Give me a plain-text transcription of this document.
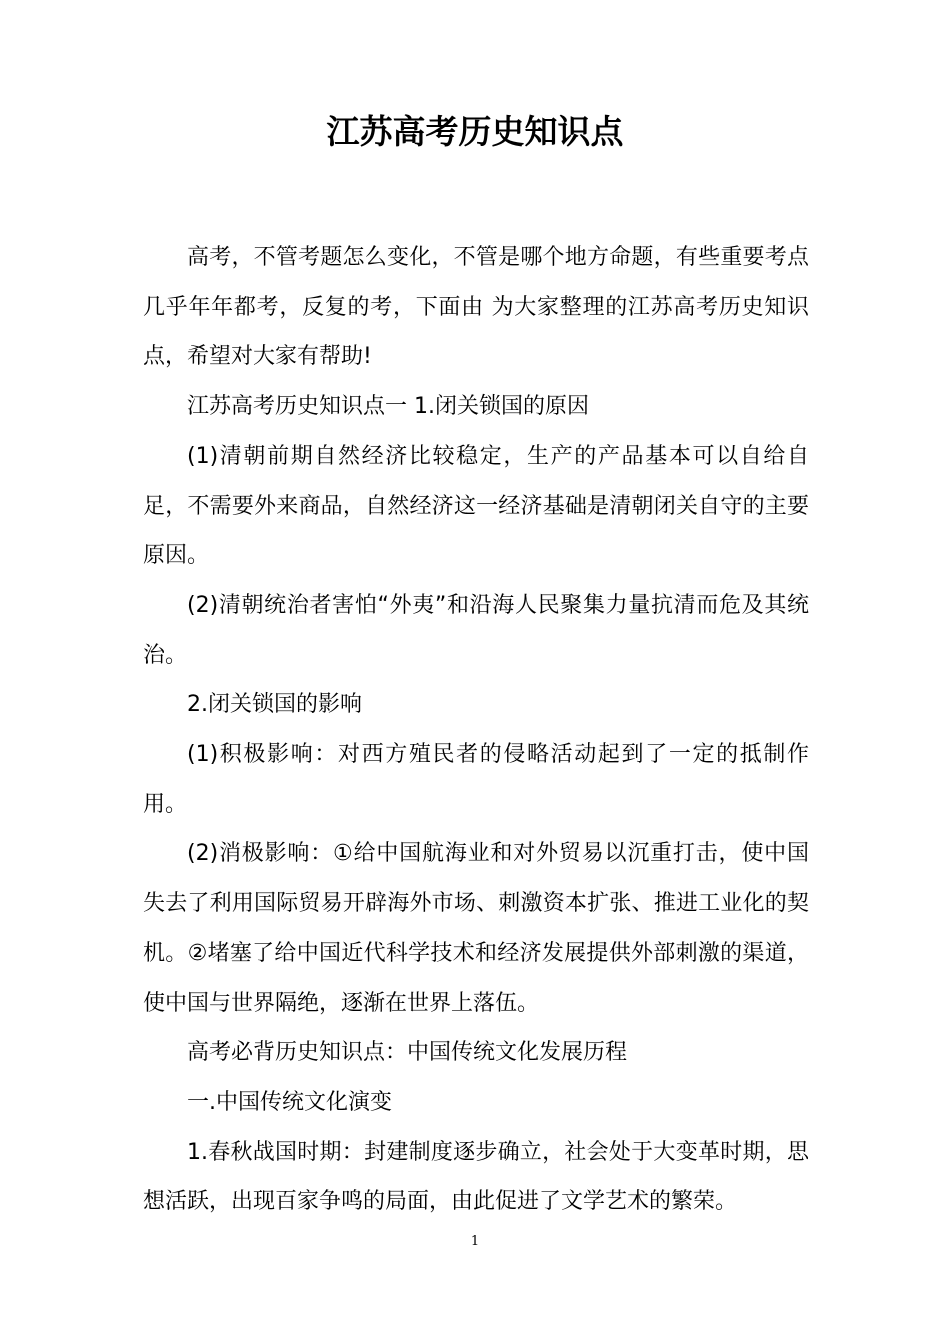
江苏高考历史知识点

高考，不管考题怎么变化，不管是哪个地方命题，有些重要考点几乎年年都考，反复的考，下面由 为大家整理的江苏高考历史知识点，希望对大家有帮助!

江苏高考历史知识点一 1.闭关锁国的原因

(1)清朝前期自然经济比较稳定，生产的产品基本可以自给自足，不需要外来商品，自然经济这一经济基础是清朝闭关自守的主要原因。

(2)清朝统治者害怕“外夷”和沿海人民聚集力量抗清而危及其统治。

2.闭关锁国的影响

(1)积极影响：对西方殖民者的侵略活动起到了一定的抵制作用。

(2)消极影响：①给中国航海业和对外贸易以沉重打击，使中国失去了利用国际贸易开辟海外市场、刺激资本扩张、推进工业化的契机。②堵塞了给中国近代科学技术和经济发展提供外部刺激的渠道，使中国与世界隔绝，逐渐在世界上落伍。

高考必背历史知识点：中国传统文化发展历程

一.中国传统文化演变

1.春秋战国时期：封建制度逐步确立，社会处于大变革时期，思想活跃，出现百家争鸣的局面，由此促进了文学艺术的繁荣。

1
